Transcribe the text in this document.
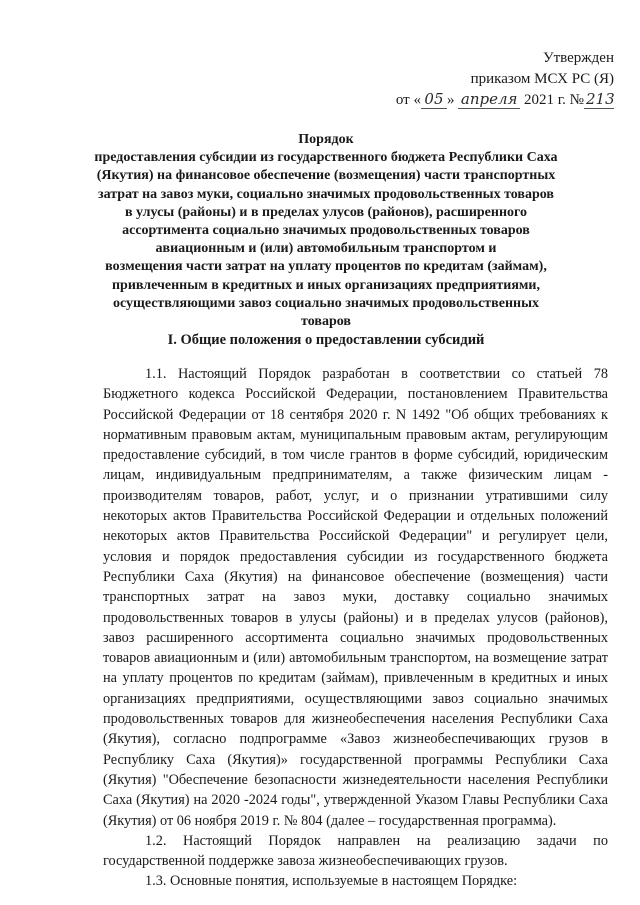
Утвержден
приказом МСХ РС (Я)
от « 05 » апреля 2021 г. № 213
Порядок
предоставления субсидии из государственного бюджета Республики Саха
(Якутия) на финансовое обеспечение (возмещения) части транспортных
затрат на завоз муки, социально значимых продовольственных товаров
в улусы (районы) и в пределах улусов (районов), расширенного
ассортимента социально значимых продовольственных товаров
авиационным и (или) автомобильным транспортом и
возмещения части затрат на уплату процентов по кредитам (займам),
привлеченным в кредитных и иных организациях предприятиями,
осуществляющими завоз социально значимых продовольственных
товаров
I. Общие положения о предоставлении субсидий

1.1. Настоящий Порядок разработан в соответствии со статьей 78 Бюджетного кодекса Российской Федерации, постановлением Правительства Российской Федерации от 18 сентября 2020 г. N 1492 "Об общих требованиях к нормативным правовым актам, муниципальным правовым актам, регулирующим предоставление субсидий, в том числе грантов в форме субсидий, юридическим лицам, индивидуальным предпринимателям, а также физическим лицам - производителям товаров, работ, услуг, и о признании утратившими силу некоторых актов Правительства Российской Федерации и отдельных положений некоторых актов Правительства Российской Федерации" и регулирует цели, условия и порядок предоставления субсидии из государственного бюджета Республики Саха (Якутия) на финансовое обеспечение (возмещения) части транспортных затрат на завоз муки, доставку социально значимых продовольственных товаров в улусы (районы) и в пределах улусов (районов), завоз расширенного ассортимента социально значимых продовольственных товаров авиационным и (или) автомобильным транспортом, на возмещение затрат на уплату процентов по кредитам (займам), привлеченным в кредитных и иных организациях предприятиями, осуществляющими завоз социально значимых продовольственных товаров для жизнеобеспечения населения Республики Саха (Якутия), согласно подпрограмме «Завоз жизнеобеспечивающих грузов в Республику Саха (Якутия)» государственной программы Республики Саха (Якутия) "Обеспечение безопасности жизнедеятельности населения Республики Саха (Якутия) на 2020 -2024 годы", утвержденной Указом Главы Республики Саха (Якутия) от 06 ноября 2019 г. № 804 (далее – государственная программа).

1.2. Настоящий Порядок направлен на реализацию задачи по государственной поддержке завоза жизнеобеспечивающих грузов.

1.3. Основные понятия, используемые в настоящем Порядке:
